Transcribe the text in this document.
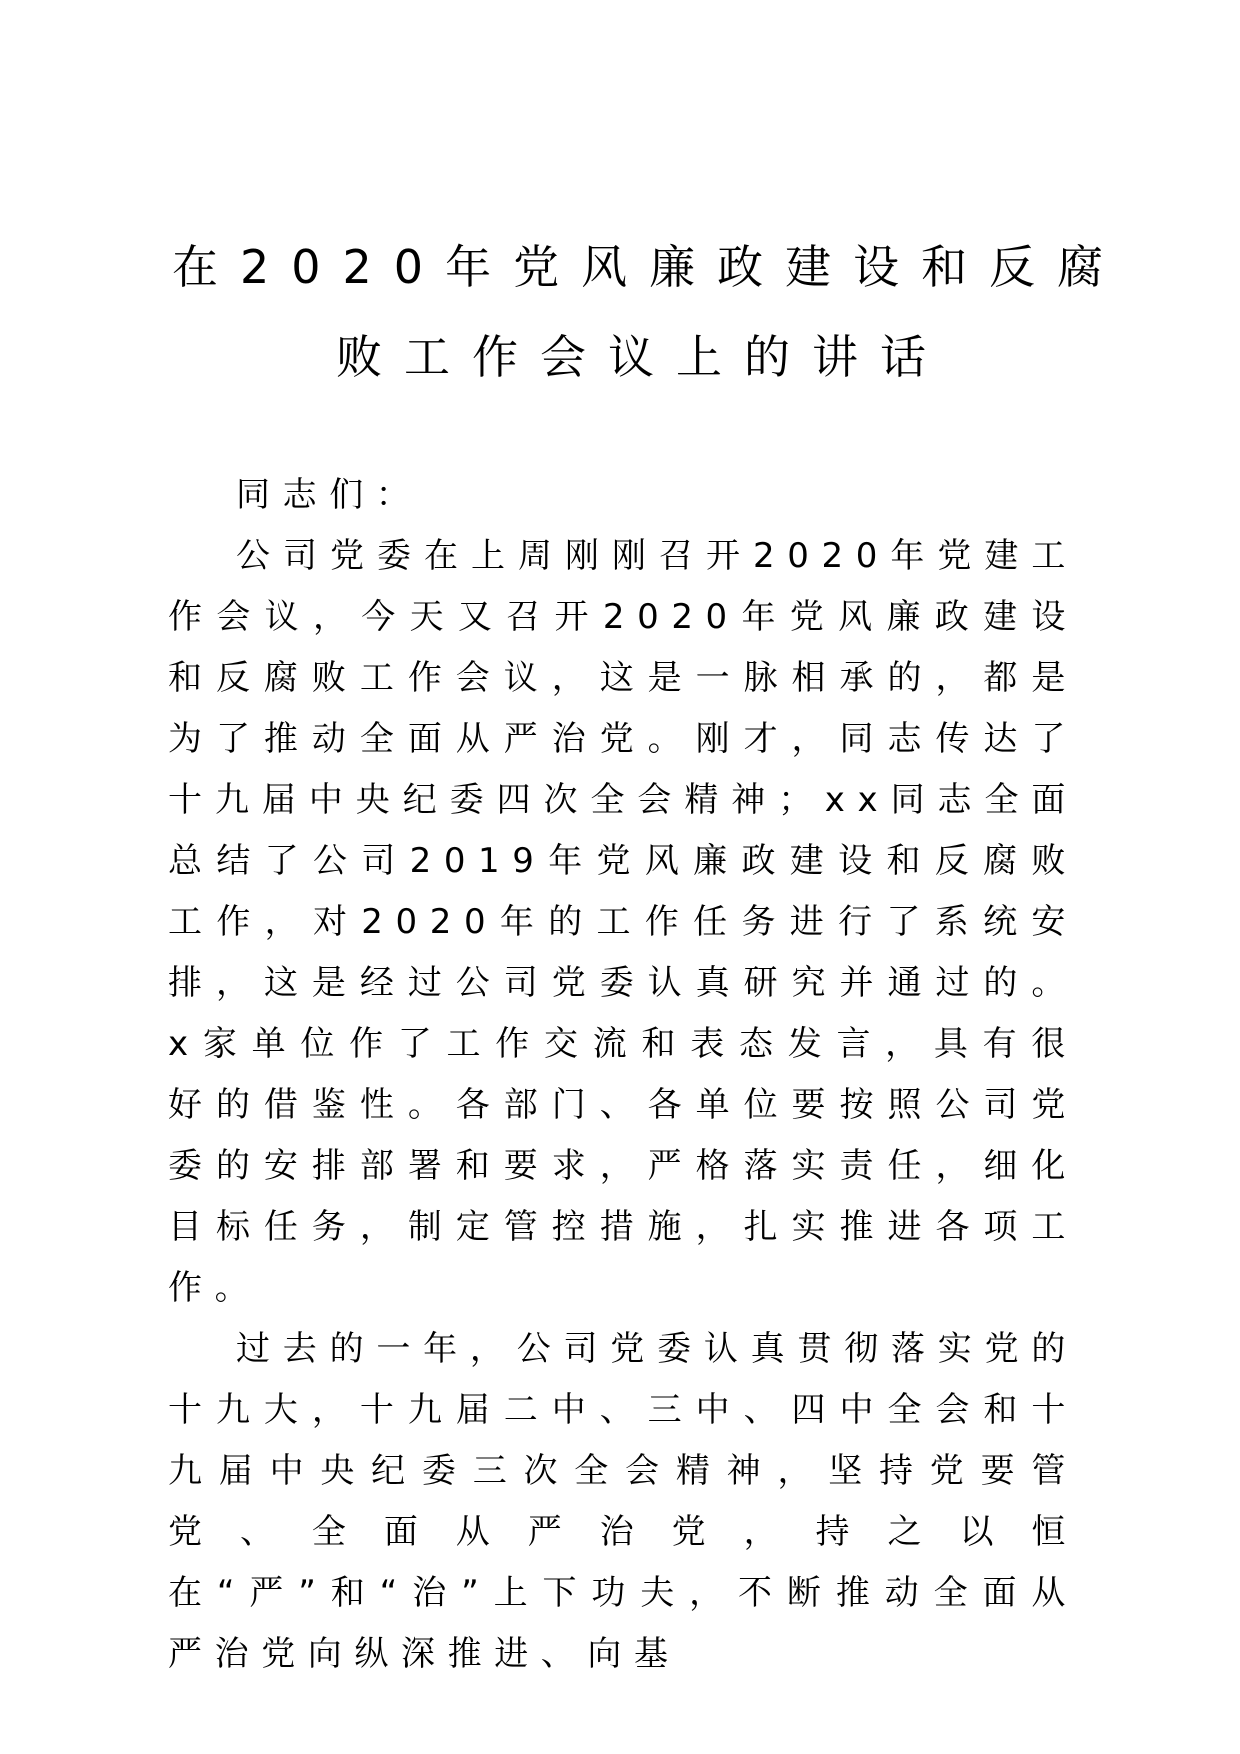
在2020年党风廉政建设和反腐
败工作会议上的讲话

同志们：

公司党委在上周刚刚召开2020年党建工作会议，今天又召开2020年党风廉政建设和反腐败工作会议，这是一脉相承的，都是为了推动全面从严治党。刚才，同志传达了十九届中央纪委四次全会精神；xx同志全面总结了公司2019年党风廉政建设和反腐败工作，对2020年的工作任务进行了系统安排，这是经过公司党委认真研究并通过的。x家单位作了工作交流和表态发言，具有很好的借鉴性。各部门、各单位要按照公司党委的安排部署和要求，严格落实责任，细化目标任务，制定管控措施，扎实推进各项工作。

过去的一年，公司党委认真贯彻落实党的十九大，十九届二中、三中、四中全会和十九届中央纪委三次全会精神，坚持党要管党、全面从严治党，持之以恒在“严”和“治”上下功夫，不断推动全面从严治党向纵深推进、向基
